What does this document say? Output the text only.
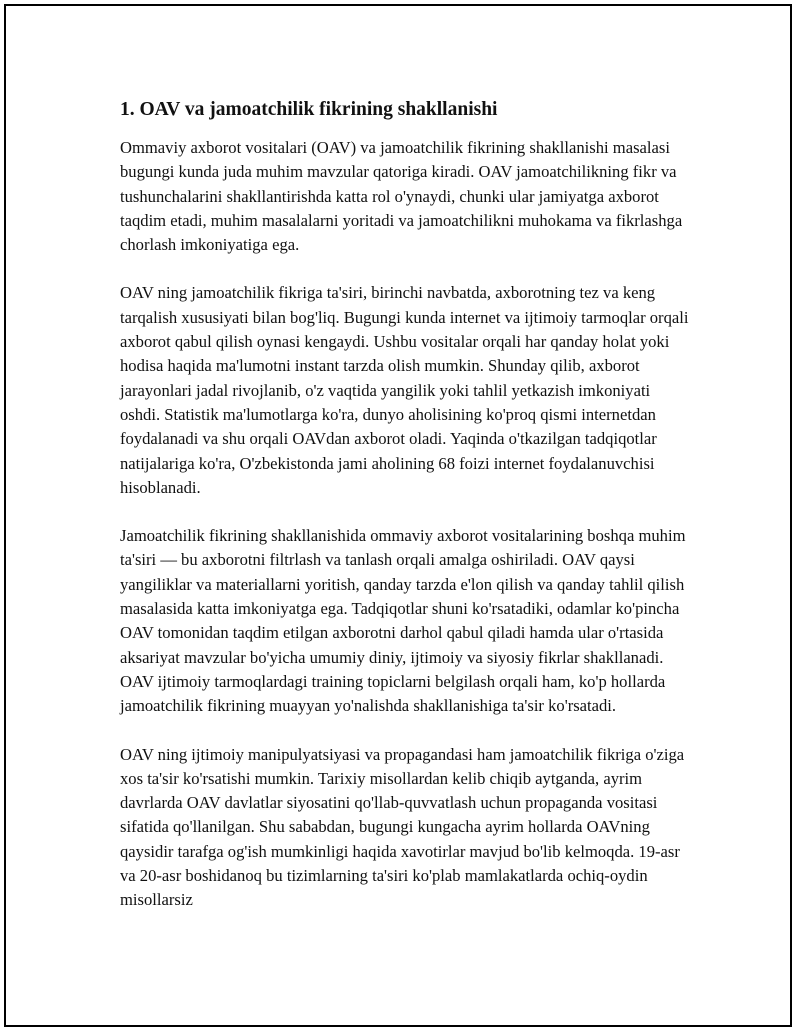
1. OAV va jamoatchilik fikrining shakllanishi

Ommaviy axborot vositalari (OAV) va jamoatchilik fikrining shakllanishi masalasi bugungi kunda juda muhim mavzular qatoriga kiradi. OAV jamoatchilikning fikr va tushunchalarini shakllantirishda katta rol o'ynaydi, chunki ular jamiyatga axborot taqdim etadi, muhim masalalarni yoritadi va jamoatchilikni muhokama va fikrlashga chorlash imkoniyatiga ega.

OAV ning jamoatchilik fikriga ta'siri, birinchi navbatda, axborotning tez va keng tarqalish xususiyati bilan bog'liq. Bugungi kunda internet va ijtimoiy tarmoqlar orqali axborot qabul qilish oynasi kengaydi. Ushbu vositalar orqali har qanday holat yoki hodisa haqida ma'lumotni instant tarzda olish mumkin. Shunday qilib, axborot jarayonlari jadal rivojlanib, o'z vaqtida yangilik yoki tahlil yetkazish imkoniyati oshdi. Statistik ma'lumotlarga ko'ra, dunyo aholisining ko'proq qismi internetdan foydalanadi va shu orqali OAVdan axborot oladi. Yaqinda o'tkazilgan tadqiqotlar natijalariga ko'ra, O'zbekistonda jami aholining 68 foizi internet foydalanuvchisi hisoblanadi.

Jamoatchilik fikrining shakllanishida ommaviy axborot vositalarining boshqa muhim ta'siri — bu axborotni filtrlash va tanlash orqali amalga oshiriladi. OAV qaysi yangiliklar va materiallarni yoritish, qanday tarzda e'lon qilish va qanday tahlil qilish masalasida katta imkoniyatga ega. Tadqiqotlar shuni ko'rsatadiki, odamlar ko'pincha OAV tomonidan taqdim etilgan axborotni darhol qabul qiladi hamda ular o'rtasida aksariyat mavzular bo'yicha umumiy diniy, ijtimoiy va siyosiy fikrlar shakllanadi. OAV ijtimoiy tarmoqlardagi training topiclarni belgilash orqali ham, ko'p hollarda jamoatchilik fikrining muayyan yo'nalishda shakllanishiga ta'sir ko'rsatadi.

OAV ning ijtimoiy manipulyatsiyasi va propagandasi ham jamoatchilik fikriga o'ziga xos ta'sir ko'rsatishi mumkin. Tarixiy misollardan kelib chiqib aytganda, ayrim davrlarda OAV davlatlar siyosatini qo'llab-quvvatlash uchun propaganda vositasi sifatida qo'llanilgan. Shu sababdan, bugungi kungacha ayrim hollarda OAVning qaysidir tarafga og'ish mumkinligi haqida xavotirlar mavjud bo'lib kelmoqda. 19-asr va 20-asr boshidanoq bu tizimlarning ta'siri ko'plab mamlakatlarda ochiq-oydin misollarsiz
